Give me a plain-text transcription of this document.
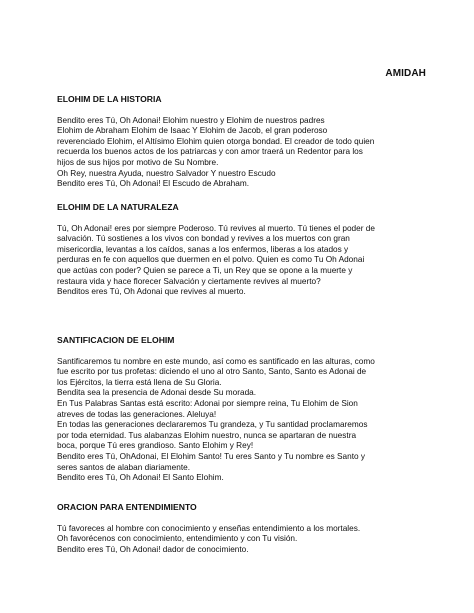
AMIDAH
ELOHIM DE LA HISTORIA
Bendito eres Tú, Oh Adonai! Elohim nuestro y Elohim de nuestros padres
Elohim de Abraham Elohim de Isaac Y Elohim de Jacob, el gran poderoso
reverenciado Elohim, el Altísimo Elohim quien otorga bondad. El creador de todo quien
recuerda los buenos actos de los patriarcas y con amor traerá un Redentor para los
hijos de sus hijos por motivo de Su Nombre.
Oh Rey, nuestra Ayuda, nuestro Salvador Y nuestro Escudo
Bendito eres Tú, Oh Adonai! El Escudo de Abraham.
ELOHIM DE LA NATURALEZA
Tú, Oh Adonai! eres por siempre Poderoso. Tú revives al muerto. Tú tienes el poder de
salvación. Tú sostienes a los vivos con bondad y revives a los muertos con gran
misericordia, levantas a los caídos, sanas a los enfermos, liberas a los atados y
perduras en fe con aquellos que duermen en el polvo. Quien es como Tu Oh Adonai
que actúas con poder? Quien se parece a Ti, un Rey que se opone a la muerte y
restaura vida y hace florecer Salvación y ciertamente revives al muerto?
Benditos eres Tú, Oh Adonai que revives al muerto.
SANTIFICACION DE ELOHIM
Santificaremos tu nombre en este mundo, así como es santificado en las alturas, como
fue escrito por tus profetas: diciendo el uno al otro Santo, Santo, Santo es Adonai de
los Ejércitos, la tierra está llena de Su Gloria.
Bendita sea la presencia de Adonai desde Su morada.
En Tus Palabras Santas está escrito: Adonai por siempre reina, Tu Elohim de Sion
atreves de todas las generaciones. Aleluya!
En todas las generaciones declararemos Tu grandeza, y Tu santidad proclamaremos
por toda eternidad. Tus alabanzas Elohim nuestro, nunca se apartaran de nuestra
boca, porque Tú eres grandioso. Santo Elohim y Rey!
Bendito eres Tú, OhAdonai, El Elohim Santo! Tu eres Santo y Tu nombre es Santo y
seres santos de alaban diariamente.
Bendito eres Tú, Oh Adonai! El Santo Elohim.
ORACION PARA ENTENDIMIENTO
Tú favoreces al hombre con conocimiento y enseñas entendimiento a los mortales.
Oh favorécenos con conocimiento, entendimiento y con Tu visión.
Bendito eres Tú, Oh Adonai! dador de conocimiento.
